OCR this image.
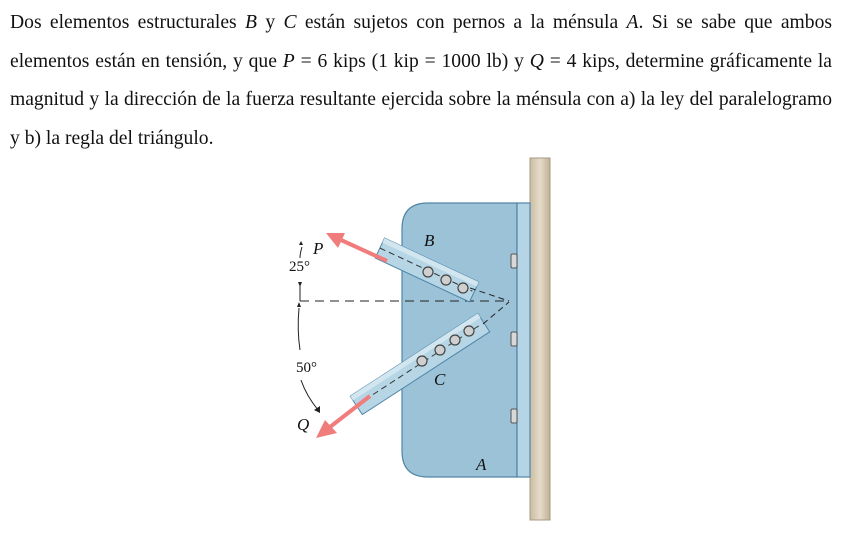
Dos elementos estructurales B y C están sujetos con pernos a la ménsula A. Si se sabe que ambos elementos están en tensión, y que P = 6 kips (1 kip = 1000 lb) y Q = 4 kips, determine gráficamente la magnitud y la dirección de la fuerza resultante ejercida sobre la ménsula con a) la ley del paralelogramo y b) la regla del triángulo.

B
C
A
P
Q
25°
50°
